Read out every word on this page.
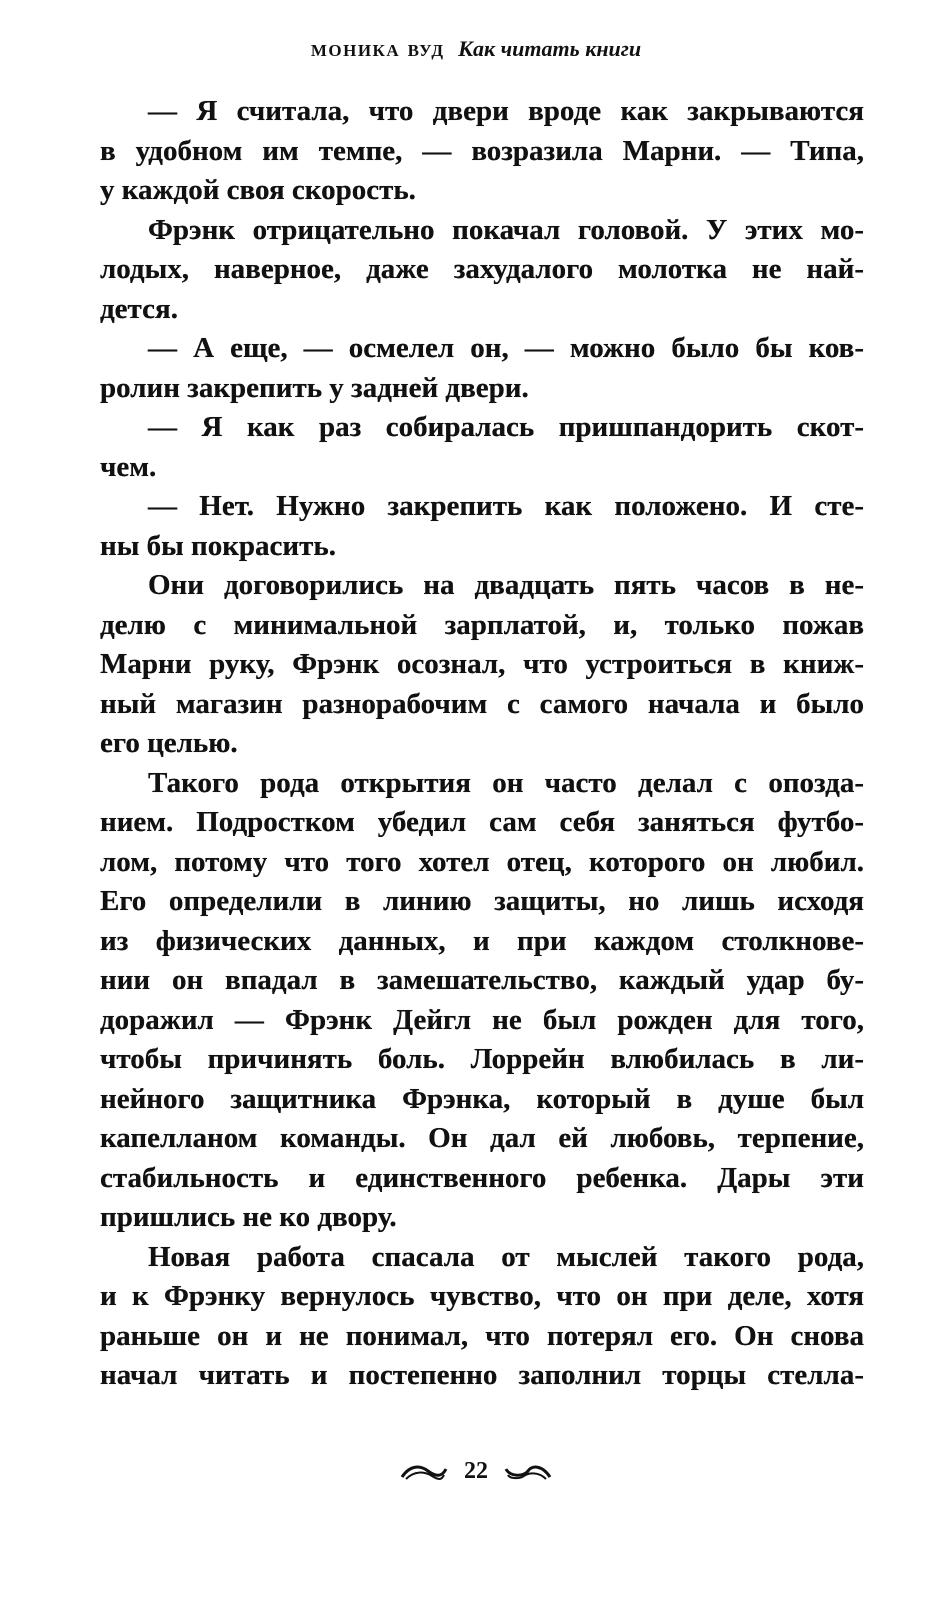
моника вуд Как читать книги
— Я считала, что двери вроде как закрываются
в удобном им темпе, — возразила Марни. — Типа,
у каждой своя скорость.
Фрэнк отрицательно покачал головой. У этих мо-
лодых, наверное, даже захудалого молотка не най-
дется.
— А еще, — осмелел он, — можно было бы ков-
ролин закрепить у задней двери.
— Я как раз собиралась пришпандорить скот-
чем.
— Нет. Нужно закрепить как положено. И сте-
ны бы покрасить.
Они договорились на двадцать пять часов в не-
делю с минимальной зарплатой, и, только пожав
Марни руку, Фрэнк осознал, что устроиться в книж-
ный магазин разнорабочим с самого начала и было
его целью.
Такого рода открытия он часто делал с опозда-
нием. Подростком убедил сам себя заняться футбо-
лом, потому что того хотел отец, которого он любил.
Его определили в линию защиты, но лишь исходя
из физических данных, и при каждом столкнове-
нии он впадал в замешательство, каждый удар бу-
доражил — Фрэнк Дейгл не был рожден для того,
чтобы причинять боль. Лоррейн влюбилась в ли-
нейного защитника Фрэнка, который в душе был
капелланом команды. Он дал ей любовь, терпение,
стабильность и единственного ребенка. Дары эти
пришлись не ко двору.
Новая работа спасала от мыслей такого рода,
и к Фрэнку вернулось чувство, что он при деле, хотя
раньше он и не понимал, что потерял его. Он снова
начал читать и постепенно заполнил торцы стелла-
22
